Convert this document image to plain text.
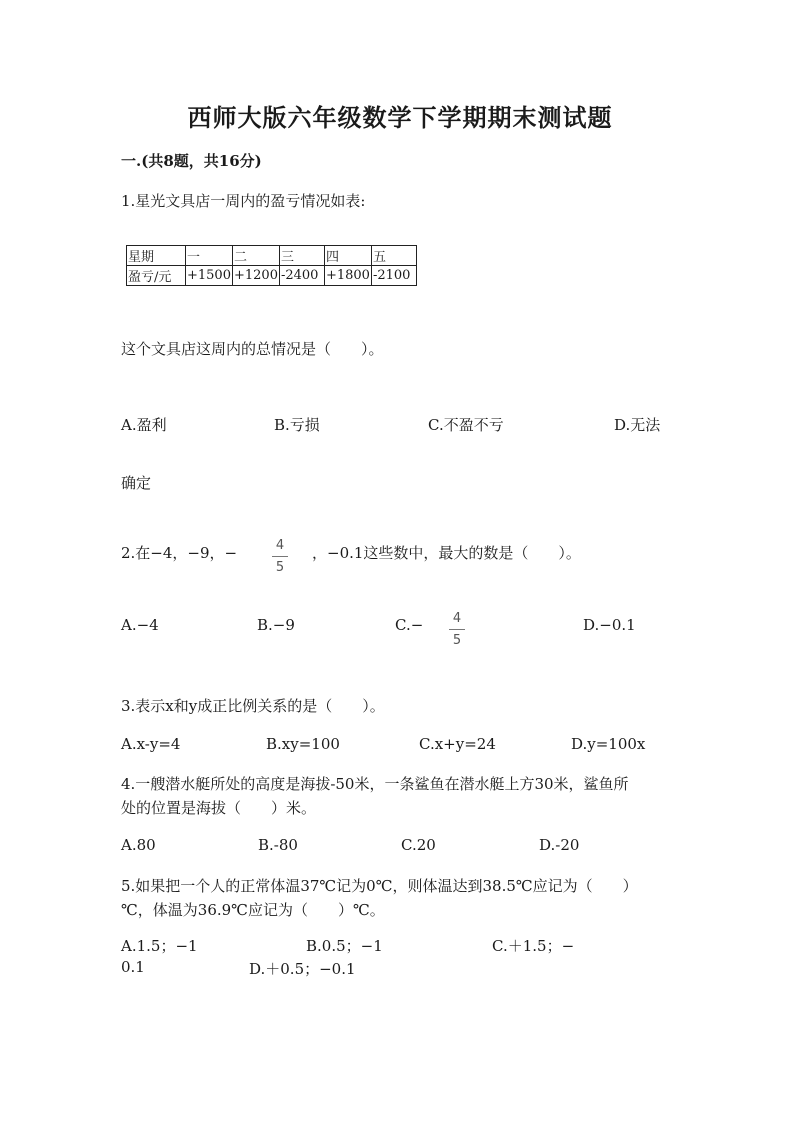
西师大版六年级数学下学期期末测试题
一.(共8题，共16分)
1.星光文具店一周内的盈亏情况如表:
星期	一	二	三	四	五
盈亏/元	+1500	+1200	-2400	+1800	-2100
这个文具店这周内的总情况是（　　）。
A.盈利	B.亏损	C.不盈不亏	D.无法
确定
2.在−4，−9，−	4
5
，−0.1这些数中，最大的数是（　　）。
A.−4	B.−9	C.− 4
5
D.−0.1
3.表示x和y成正比例关系的是（　　）。
A.x-y=4	B.xy=100	C.x+y=24	D.y=100x
4.一艘潜水艇所处的高度是海拔-50米，一条鲨鱼在潜水艇上方30米，鲨鱼所
处的位置是海拔（　　）米。
A.80	B.-80	C.20	D.-20
5.如果把一个人的正常体温37℃记为0℃，则体温达到38.5℃应记为（　　）
℃，体温为36.9℃应记为（　　）℃。
A.1.5；−1	B.0.5；−1	C.＋1.5；−
0.1	D.＋0.5；−0.1
